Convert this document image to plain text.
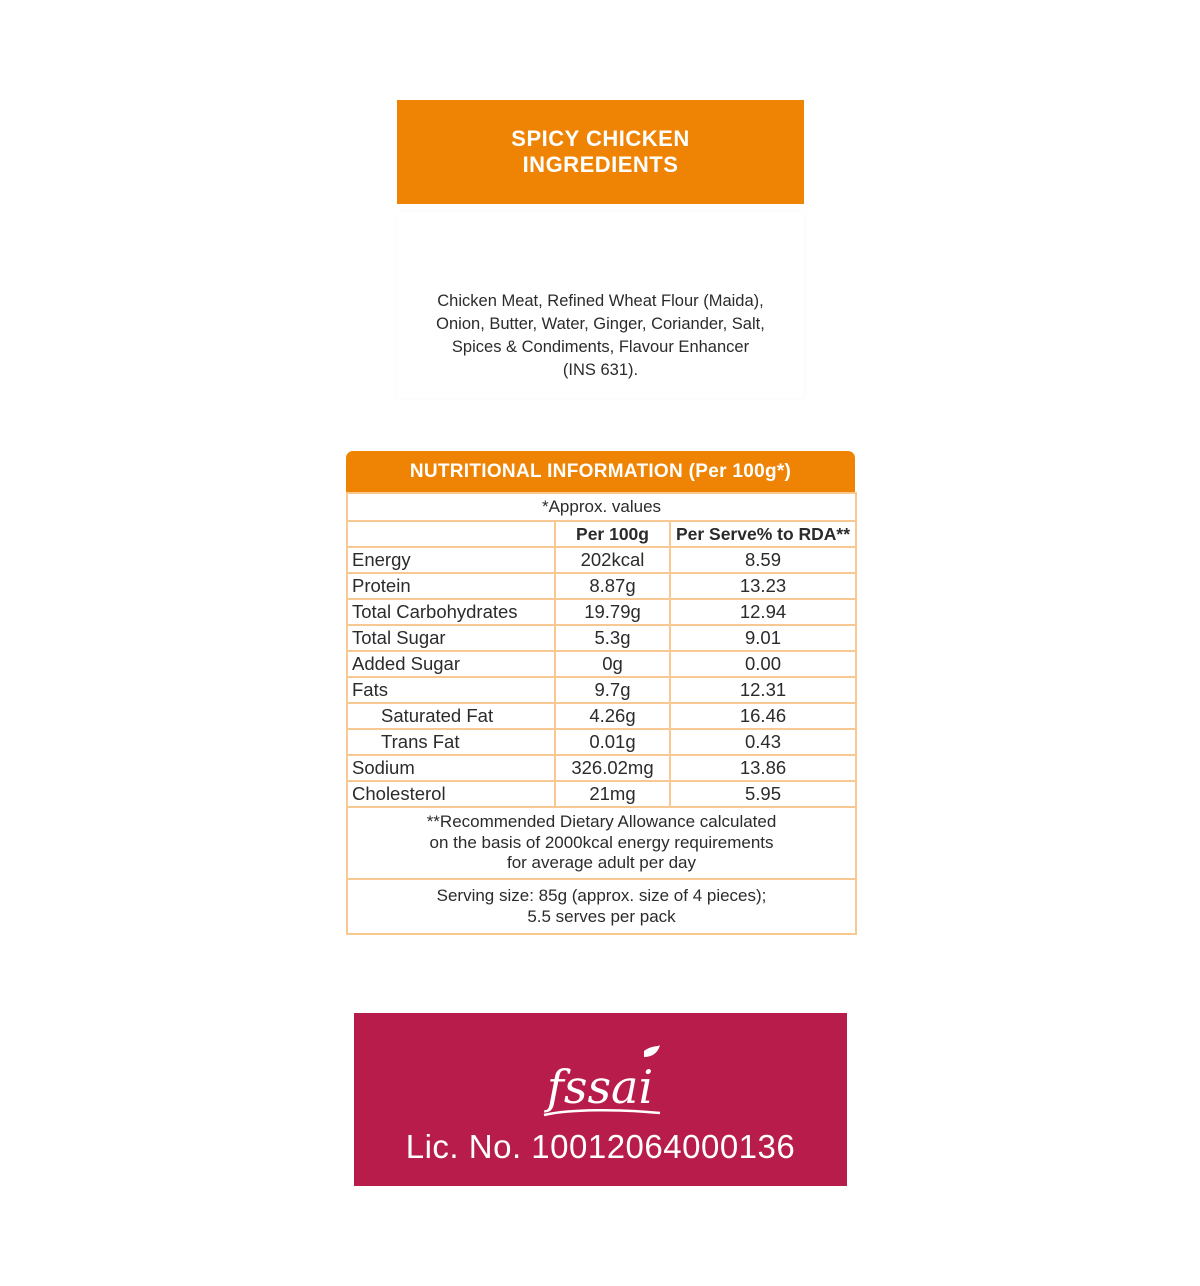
SPICY CHICKEN
INGREDIENTS
Chicken Meat, Refined Wheat Flour (Maida),
Onion, Butter, Water, Ginger, Coriander, Salt,
Spices & Condiments, Flavour Enhancer
(INS 631).
NUTRITIONAL INFORMATION (Per 100g*)
*Approx. values		
	Per 100g	Per Serve% to RDA**
Energy	202kcal	8.59
Protein	8.87g	13.23
Total Carbohydrates	19.79g	12.94
Total Sugar	5.3g	9.01
Added Sugar	0g	0.00
Fats	9.7g	12.31
Saturated Fat	4.26g	16.46
Trans Fat	0.01g	0.43
Sodium	326.02mg	13.86
Cholesterol	21mg	5.95

**Recommended Dietary Allowance calculated
on the basis of 2000kcal energy requirements
for average adult per day		

Serving size: 85g (approx. size of 4 pieces);
5.5 serves per pack		
fssai
Lic. No. 10012064000136
